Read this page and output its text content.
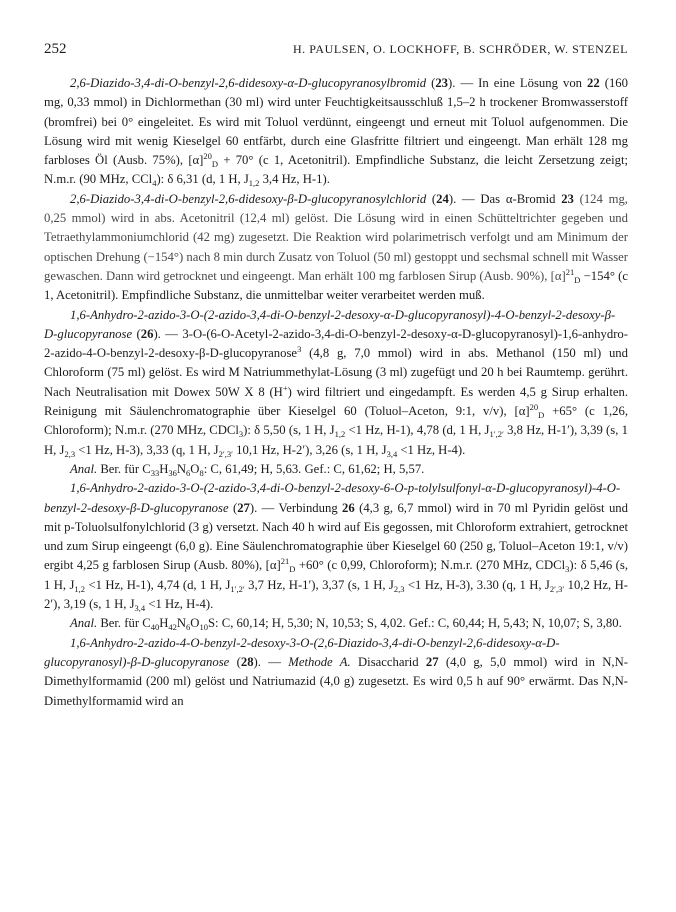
252	H. PAULSEN, O. LOCKHOFF, B. SCHRÖDER, W. STENZEL

2,6-Diazido-3,4-di-O-benzyl-2,6-didesoxy-α-D-glucopyranosylbromid (23). — In eine Lösung von 22 (160 mg, 0,33 mmol) in Dichlormethan (30 ml) wird unter Feuchtigkeitsausschluß 1,5–2 h trockener Bromwasserstoff (bromfrei) bei 0° eingeleitet. Es wird mit Toluol verdünnt, eingeengt und erneut mit Toluol aufgenommen. Die Lösung wird mit wenig Kieselgel 60 entfärbt, durch eine Glasfritte filtriert und eingeengt. Man erhält 128 mg farbloses Öl (Ausb. 75%), $[\alpha]^{20}_D + 70^\circ$ (c 1, Acetonitril). Empfindliche Substanz, die leicht Zersetzung zeigt; N.m.r. (90 MHz, CCl$_4$): δ 6,31 (d, 1 H, $J_{1,2}$ 3,4 Hz, H-1).

2,6-Diazido-3,4-di-O-benzyl-2,6-didesoxy-β-D-glucopyranosylchlorid (24). — Das α-Bromid 23 (124 mg, 0,25 mmol) wird in abs. Acetonitril (12,4 ml) gelöst. Die Lösung wird in einen Schütteltrichter gegeben und Tetraethylammoniumchlorid (42 mg) zugesetzt. Die Reaktion wird polarimetrisch verfolgt und am Minimum der optischen Drehung (−154°) nach 8 min durch Zusatz von Toluol (50 ml) gestoppt und sechsmal schnell mit Wasser gewaschen. Dann wird getrocknet und eingeengt. Man erhält 100 mg farblosen Sirup (Ausb. 90%), $[\alpha]^{21}_D -154^\circ$ (c 1, Acetonitril). Empfindliche Substanz, die unmittelbar weiter verarbeitet werden muß.

1,6-Anhydro-2-azido-3-O-(2-azido-3,4-di-O-benzyl-2-desoxy-α-D-glucopyranosyl)-4-O-benzyl-2-desoxy-β-D-glucopyranose (26). — 3-O-(6-O-Acetyl-2-azido-3,4-di-O-benzyl-2-desoxy-α-D-glucopyranosyl)-1,6-anhydro-2-azido-4-O-benzyl-2-desoxy-β-D-glucopyranose$^3$ (4,8 g, 7,0 mmol) wird in abs. Methanol (150 ml) und Chloroform (75 ml) gelöst. Es wird M Natriummethylat-Lösung (3 ml) zugefügt und 20 h bei Raumtemp. gerührt. Nach Neutralisation mit Dowex 50W X 8 (H+) wird filtriert und eingedampft. Es werden 4,5 g Sirup erhalten. Reinigung mit Säulenchromatographie über Kieselgel 60 (Toluol–Aceton, 9:1, v/v), $[\alpha]^{20}_D +65^\circ$ (c 1,26, Chloroform); N.m.r. (270 MHz, CDCl$_3$): δ 5,50 (s, 1 H, $J_{1,2} <1$ Hz, H-1), 4,78 (d, 1 H, $J_{1',2'}$ 3,8 Hz, H-1′), 3,39 (s, 1 H, $J_{2,3} <1$ Hz, H-3), 3,33 (q, 1 H, $J_{2',3'}$ 10,1 Hz, H-2′), 3,26 (s, 1 H, $J_{3,4} <1$ Hz, H-4).

Anal. Ber. für $C_{33}H_{36}N_6O_8$: C, 61,49; H, 5,63. Gef.: C, 61,62; H, 5,57.

1,6-Anhydro-2-azido-3-O-(2-azido-3,4-di-O-benzyl-2-desoxy-6-O-p-tolylsulfonyl-α-D-glucopyranosyl)-4-O-benzyl-2-desoxy-β-D-glucopyranose (27). — Verbindung 26 (4,3 g, 6,7 mmol) wird in 70 ml Pyridin gelöst und mit p-Toluolsulfonylchlorid (3 g) versetzt. Nach 40 h wird auf Eis gegossen, mit Chloroform extrahiert, getrocknet und zum Sirup eingeengt (6,0 g). Eine Säulenchromatographie über Kieselgel 60 (250 g, Toluol–Aceton 19:1, v/v) ergibt 4,25 g farblosen Sirup (Ausb. 80%), $[\alpha]^{21}_D +60^\circ$ (c 0,99, Chloroform); N.m.r. (270 MHz, CDCl$_3$): δ 5,46 (s, 1 H, $J_{1,2} <1$ Hz, H-1), 4,74 (d, 1 H, $J_{1',2'}$ 3,7 Hz, H-1′), 3,37 (s, 1 H, $J_{2,3} <1$ Hz, H-3), 3.30 (q, 1 H, $J_{2',3'}$ 10,2 Hz, H-2′), 3,19 (s, 1 H, $J_{3,4} <1$ Hz, H-4).

Anal. Ber. für $C_{40}H_{42}N_6O_{10}S$: C, 60,14; H, 5,30; N, 10,53; S, 4,02. Gef.: C, 60,44; H, 5,43; N, 10,07; S, 3,80.

1,6-Anhydro-2-azido-4-O-benzyl-2-desoxy-3-O-(2,6-Diazido-3,4-di-O-benzyl-2,6-didesoxy-α-D-glucopyranosyl)-β-D-glucopyranose (28). — Methode A. Disaccharid 27 (4,0 g, 5,0 mmol) wird in N,N-Dimethylformamid (200 ml) gelöst und Natriumazid (4,0 g) zugesetzt. Es wird 0,5 h auf 90° erwärmt. Das N,N-Dimethylformamid wird an
